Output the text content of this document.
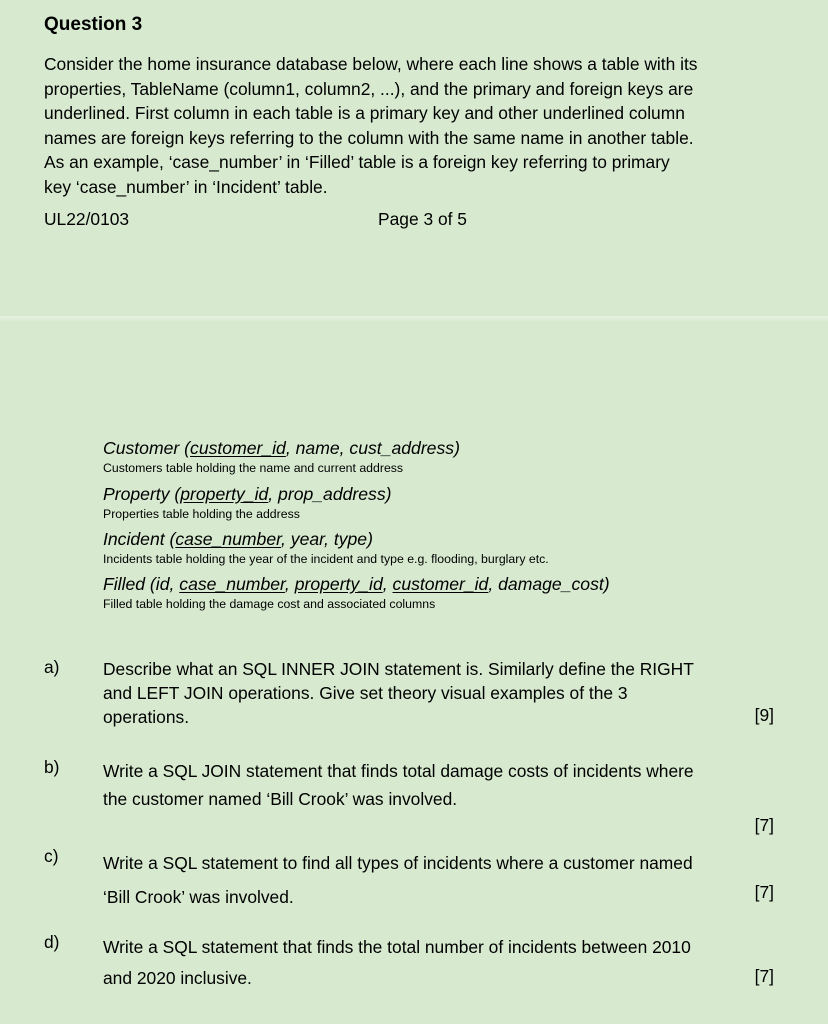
Question 3
Consider the home insurance database below, where each line shows a table with its
properties, TableName (column1, column2, ...), and the primary and foreign keys are
underlined. First column in each table is a primary key and other underlined column
names are foreign keys referring to the column with the same name in another table.
As an example, ‘case_number’ in ‘Filled’ table is a foreign key referring to primary
key ‘case_number’ in ‘Incident’ table.
UL22/0103	Page 3 of 5
Customer (customer_id, name, cust_address)
Customers table holding the name and current address
Property (property_id, prop_address)
Properties table holding the address
Incident (case_number, year, type)
Incidents table holding the year of the incident and type e.g. flooding, burglary etc.
Filled (id, case_number, property_id, customer_id, damage_cost)
Filled table holding the damage cost and associated columns
a)	Describe what an SQL INNER JOIN statement is. Similarly define the RIGHT
and LEFT JOIN operations. Give set theory visual examples of the 3
operations.	[9]
b)	Write a SQL JOIN statement that finds total damage costs of incidents where
the customer named ‘Bill Crook’ was involved.
[7]
c)	Write a SQL statement to find all types of incidents where a customer named
‘Bill Crook’ was involved.	[7]
d)	Write a SQL statement that finds the total number of incidents between 2010
and 2020 inclusive.	[7]
